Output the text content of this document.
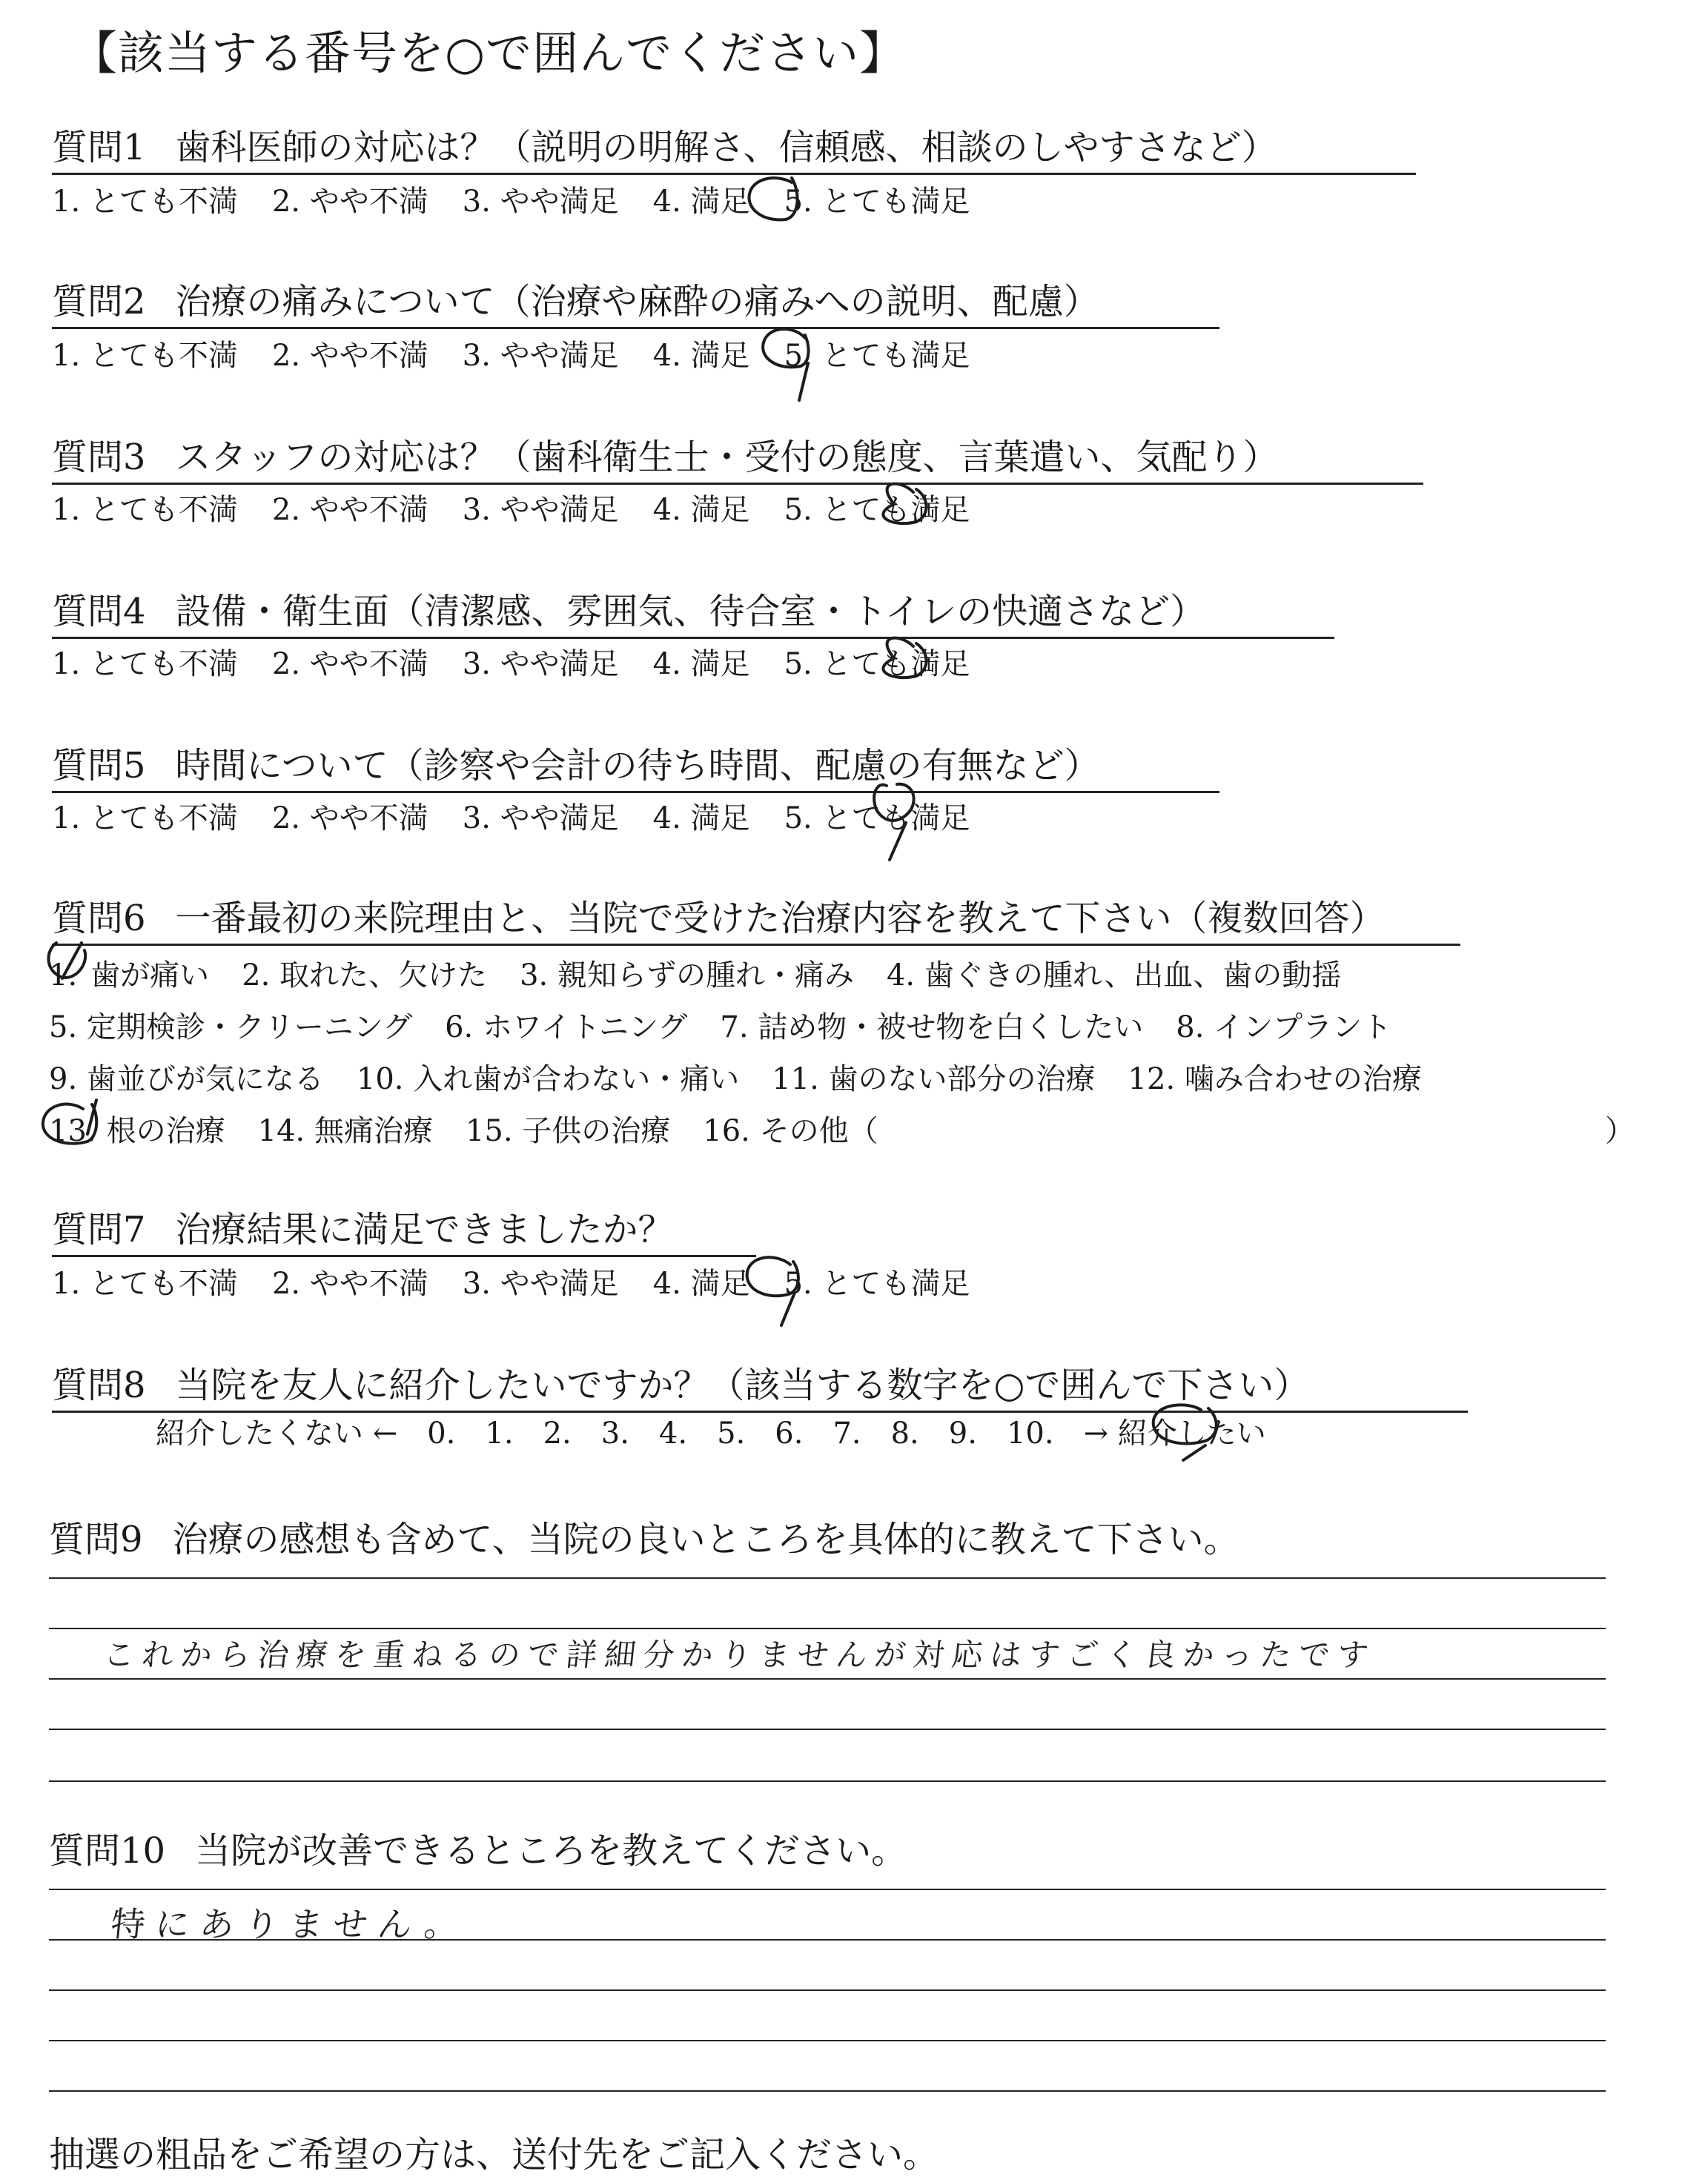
【該当する番号を○で囲んでください】
質問1 歯科医師の対応は？（説明の明解さ、信頼感、相談のしやすさなど）
1. とても不満 2. やや不満 3. やや満足 4. 満足 5. とても満足
質問2 治療の痛みについて（治療や麻酔の痛みへの説明、配慮）
1. とても不満 2. やや不満 3. やや満足 4. 満足 5. とても満足
質問3 スタッフの対応は？（歯科衛生士・受付の態度、言葉遣い、気配り）
1. とても不満 2. やや不満 3. やや満足 4. 満足 5. とても満足
質問4 設備・衛生面（清潔感、雰囲気、待合室・トイレの快適さなど）
1. とても不満 2. やや不満 3. やや満足 4. 満足 5. とても満足
質問5 時間について（診察や会計の待ち時間、配慮の有無など）
1. とても不満 2. やや不満 3. やや満足 4. 満足 5. とても満足
質問6 一番最初の来院理由と、当院で受けた治療内容を教えて下さい（複数回答）
1. 歯が痛い 2. 取れた、欠けた 3. 親知らずの腫れ・痛み 4. 歯ぐきの腫れ、出血、歯の動揺
5. 定期検診・クリーニング 6. ホワイトニング 7. 詰め物・被せ物を白くしたい 8. インプラント
9. 歯並びが気になる 10. 入れ歯が合わない・痛い 11. 歯のない部分の治療 12. 噛み合わせの治療
13. 根の治療 14. 無痛治療 15. 子供の治療 16. その他（	）
質問7 治療結果に満足できましたか？
1. とても不満 2. やや不満 3. やや満足 4. 満足 5. とても満足
質問8 当院を友人に紹介したいですか？（該当する数字を○で囲んで下さい）
紹介したくない ← 0. 1. 2. 3. 4. 5. 6. 7. 8. 9. 10. → 紹介したい
質問9 治療の感想も含めて、当院の良いところを具体的に教えて下さい。
これから治療を重ねるので詳細分かりませんが対応はすごく良かったです
質問10 当院が改善できるところを教えてください。
特にありません。
抽選の粗品をご希望の方は、送付先をご記入ください。
